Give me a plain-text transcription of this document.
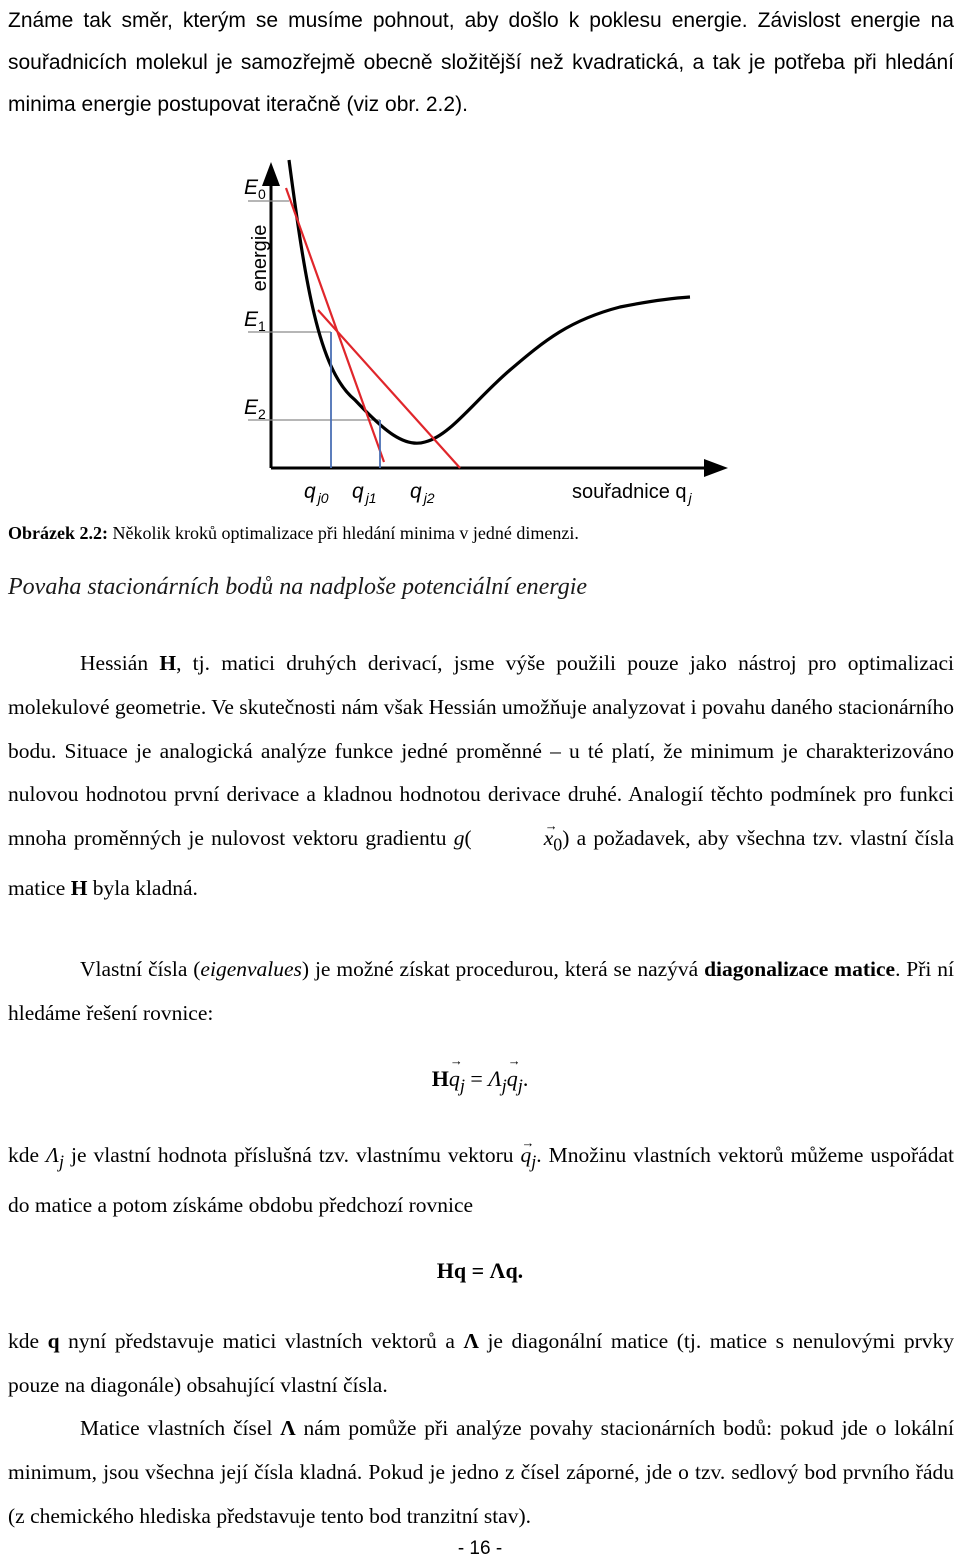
Známe tak směr, kterým se musíme pohnout, aby došlo k poklesu energie. Závislost energie na souřadnicích molekul je samozřejmě obecně složitější než kvadratická, a tak je potřeba při hledání minima energie postupovat iteračně (viz obr. 2.2).

energie
$E_0$
$E_1$
$E_2$
q $_{j0}$ q $_{j1}$ q $_{j2}$	souřadnice q $_j$

Obrázek 2.2: Několik kroků optimalizace při hledání minima v jedné dimenzi.

Povaha stacionárních bodů na nadploše potenciální energie

Hessián H, tj. matici druhých derivací, jsme výše použili pouze jako nástroj pro optimalizaci molekulové geometrie. Ve skutečnosti nám však Hessián umožňuje analyzovat i povahu daného stacionárního bodu. Situace je analogická analýze funkce jedné proměnné – u té platí, že minimum je charakterizováno nulovou hodnotou první derivace a kladnou hodnotou derivace druhé. Analogií těchto podmínek pro funkci mnoha proměnných je nulovost vektoru gradientu g(→	$x_0$) a požadavek, aby všechna tzv. vlastní čísla matice H byla kladná.

Vlastní čísla (eigenvalues) je možné získat procedurou, která se nazývá diagonalizace matice. Při ní hledáme řešení rovnice:

$H\to q_j = \Lambda_j\to q_j$.

kde $\Lambda_j$ je vlastní hodnota příslušná tzv. vlastnímu vektoru → $q_j$. Množinu vlastních vektorů můžeme uspořádat do matice a potom získáme obdobu předchozí rovnice

Hq = Λq.

kde q nyní představuje matici vlastních vektorů a Λ je diagonální matice (tj. matice s nenulovými prvky pouze na diagonále) obsahující vlastní čísla.

Matice vlastních čísel Λ nám pomůže při analýze povahy stacionárních bodů: pokud jde o lokální minimum, jsou všechna její čísla kladná. Pokud je jedno z čísel záporné, jde o tzv. sedlový bod prvního řádu (z chemického hlediska představuje tento bod tranzitní stav).

- 16 -
